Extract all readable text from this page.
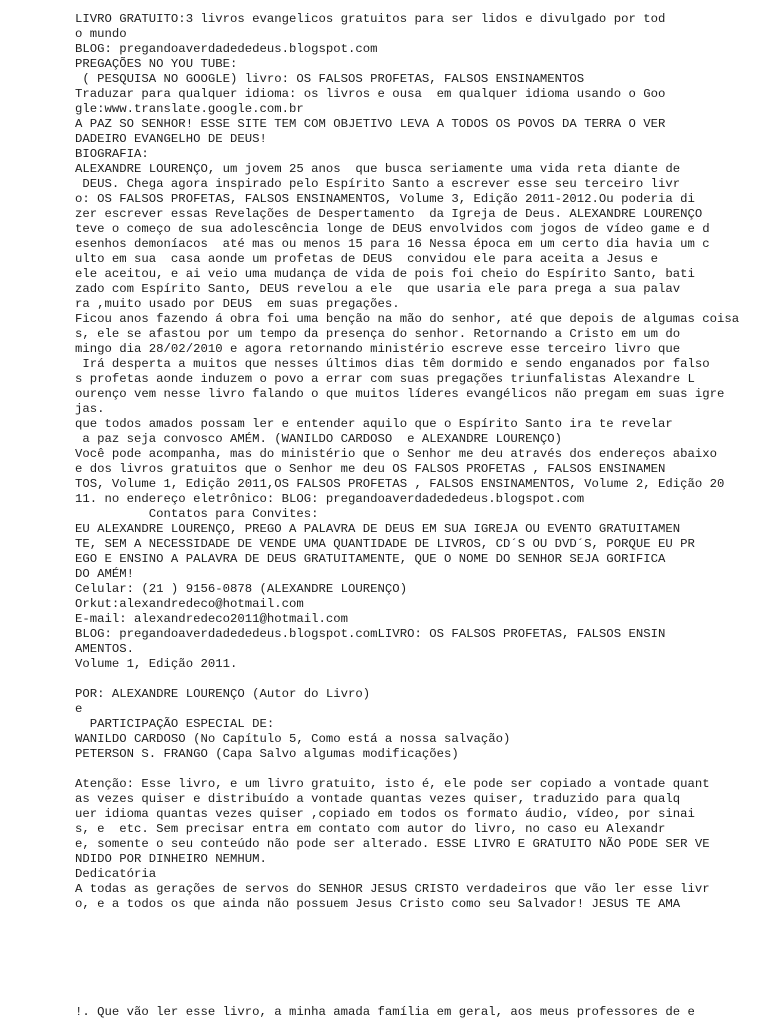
LIVRO GRATUITO:3 livros evangelicos gratuitos para ser lidos e divulgado por tod
o mundo
BLOG: pregandoaverdadededeus.blogspot.com
PREGAÇÕES NO YOU TUBE:
( PESQUISA NO GOOGLE) livro: OS FALSOS PROFETAS, FALSOS ENSINAMENTOS
Traduzar para qualquer idioma: os livros e ousa  em qualquer idioma usando o Goo
gle:www.translate.google.com.br
A PAZ SO SENHOR! ESSE SITE TEM COM OBJETIVO LEVA A TODOS OS POVOS DA TERRA O VER
DADEIRO EVANGELHO DE DEUS!
BIOGRAFIA:
ALEXANDRE LOURENÇO, um jovem 25 anos  que busca seriamente uma vida reta diante de
DEUS. Chega agora inspirado pelo Espírito Santo a escrever esse seu terceiro livr
o: OS FALSOS PROFETAS, FALSOS ENSINAMENTOS, Volume 3, Edição 2011-2012.Ou poderia di
zer escrever essas Revelações de Despertamento  da Igreja de Deus. ALEXANDRE LOURENÇO
teve o começo de sua adolescência longe de DEUS envolvidos com jogos de vídeo game e d
esenhos demoníacos  até mas ou menos 15 para 16 Nessa época em um certo dia havia um c
ulto em sua  casa aonde um profetas de DEUS  convidou ele para aceita a Jesus e
ele aceitou, e ai veio uma mudança de vida de pois foi cheio do Espírito Santo, bati
zado com Espírito Santo, DEUS revelou a ele  que usaria ele para prega a sua palav
ra ,muito usado por DEUS  em suas pregações.
Ficou anos fazendo á obra foi uma benção na mão do senhor, até que depois de algumas coisa
s, ele se afastou por um tempo da presença do senhor. Retornando a Cristo em um do
mingo dia 28/02/2010 e agora retornando ministério escreve esse terceiro livro que
Irá desperta a muitos que nesses últimos dias têm dormido e sendo enganados por falso
s profetas aonde induzem o povo a errar com suas pregações triunfalistas Alexandre L
ourenço vem nesse livro falando o que muitos líderes evangélicos não pregam em suas igre
jas.
que todos amados possam ler e entender aquilo que o Espírito Santo ira te revelar
a paz seja convosco AMÉM. (WANILDO CARDOSO  e ALEXANDRE LOURENÇO)
Você pode acompanha, mas do ministério que o Senhor me deu através dos endereços abaixo
e dos livros gratuitos que o Senhor me deu OS FALSOS PROFETAS , FALSOS ENSINAMEN
TOS, Volume 1, Edição 2011,OS FALSOS PROFETAS , FALSOS ENSINAMENTOS, Volume 2, Edição 20
11. no endereço eletrônico: BLOG: pregandoaverdadededeus.blogspot.com
Contatos para Convites:
EU ALEXANDRE LOURENÇO, PREGO A PALAVRA DE DEUS EM SUA IGREJA OU EVENTO GRATUITAMEN
TE, SEM A NECESSIDADE DE VENDE UMA QUANTIDADE DE LIVROS, CD´S OU DVD´S, PORQUE EU PR
EGO E ENSINO A PALAVRA DE DEUS GRATUITAMENTE, QUE O NOME DO SENHOR SEJA GORIFICA
DO AMÉM!
Celular: (21 ) 9156-0878 (ALEXANDRE LOURENÇO)
Orkut:alexandredeco@hotmail.com
E-mail: alexandredeco2011@hotmail.com
BLOG: pregandoaverdadededeus.blogspot.comLIVRO: OS FALSOS PROFETAS, FALSOS ENSIN
AMENTOS.
Volume 1, Edição 2011.

POR: ALEXANDRE LOURENÇO (Autor do Livro)
e
PARTICIPAÇÃO ESPECIAL DE:
WANILDO CARDOSO (No Capítulo 5, Como está a nossa salvação)
PETERSON S. FRANGO (Capa Salvo algumas modificações)

Atenção: Esse livro, e um livro gratuito, isto é, ele pode ser copiado a vontade quant
as vezes quiser e distribuído a vontade quantas vezes quiser, traduzido para qualq
uer idioma quantas vezes quiser ,copiado em todos os formato áudio, vídeo, por sinai
s, e  etc. Sem precisar entra em contato com autor do livro, no caso eu Alexandr
e, somente o seu conteúdo não pode ser alterado. ESSE LIVRO E GRATUITO NÃO PODE SER VE
NDIDO POR DINHEIRO NEMHUM.
Dedicatória
A todas as gerações de servos do SENHOR JESUS CRISTO verdadeiros que vão ler esse livr
o, e a todos os que ainda não possuem Jesus Cristo como seu Salvador! JESUS TE AMA
!. Que vão ler esse livro, a minha amada família em geral, aos meus professores de e
